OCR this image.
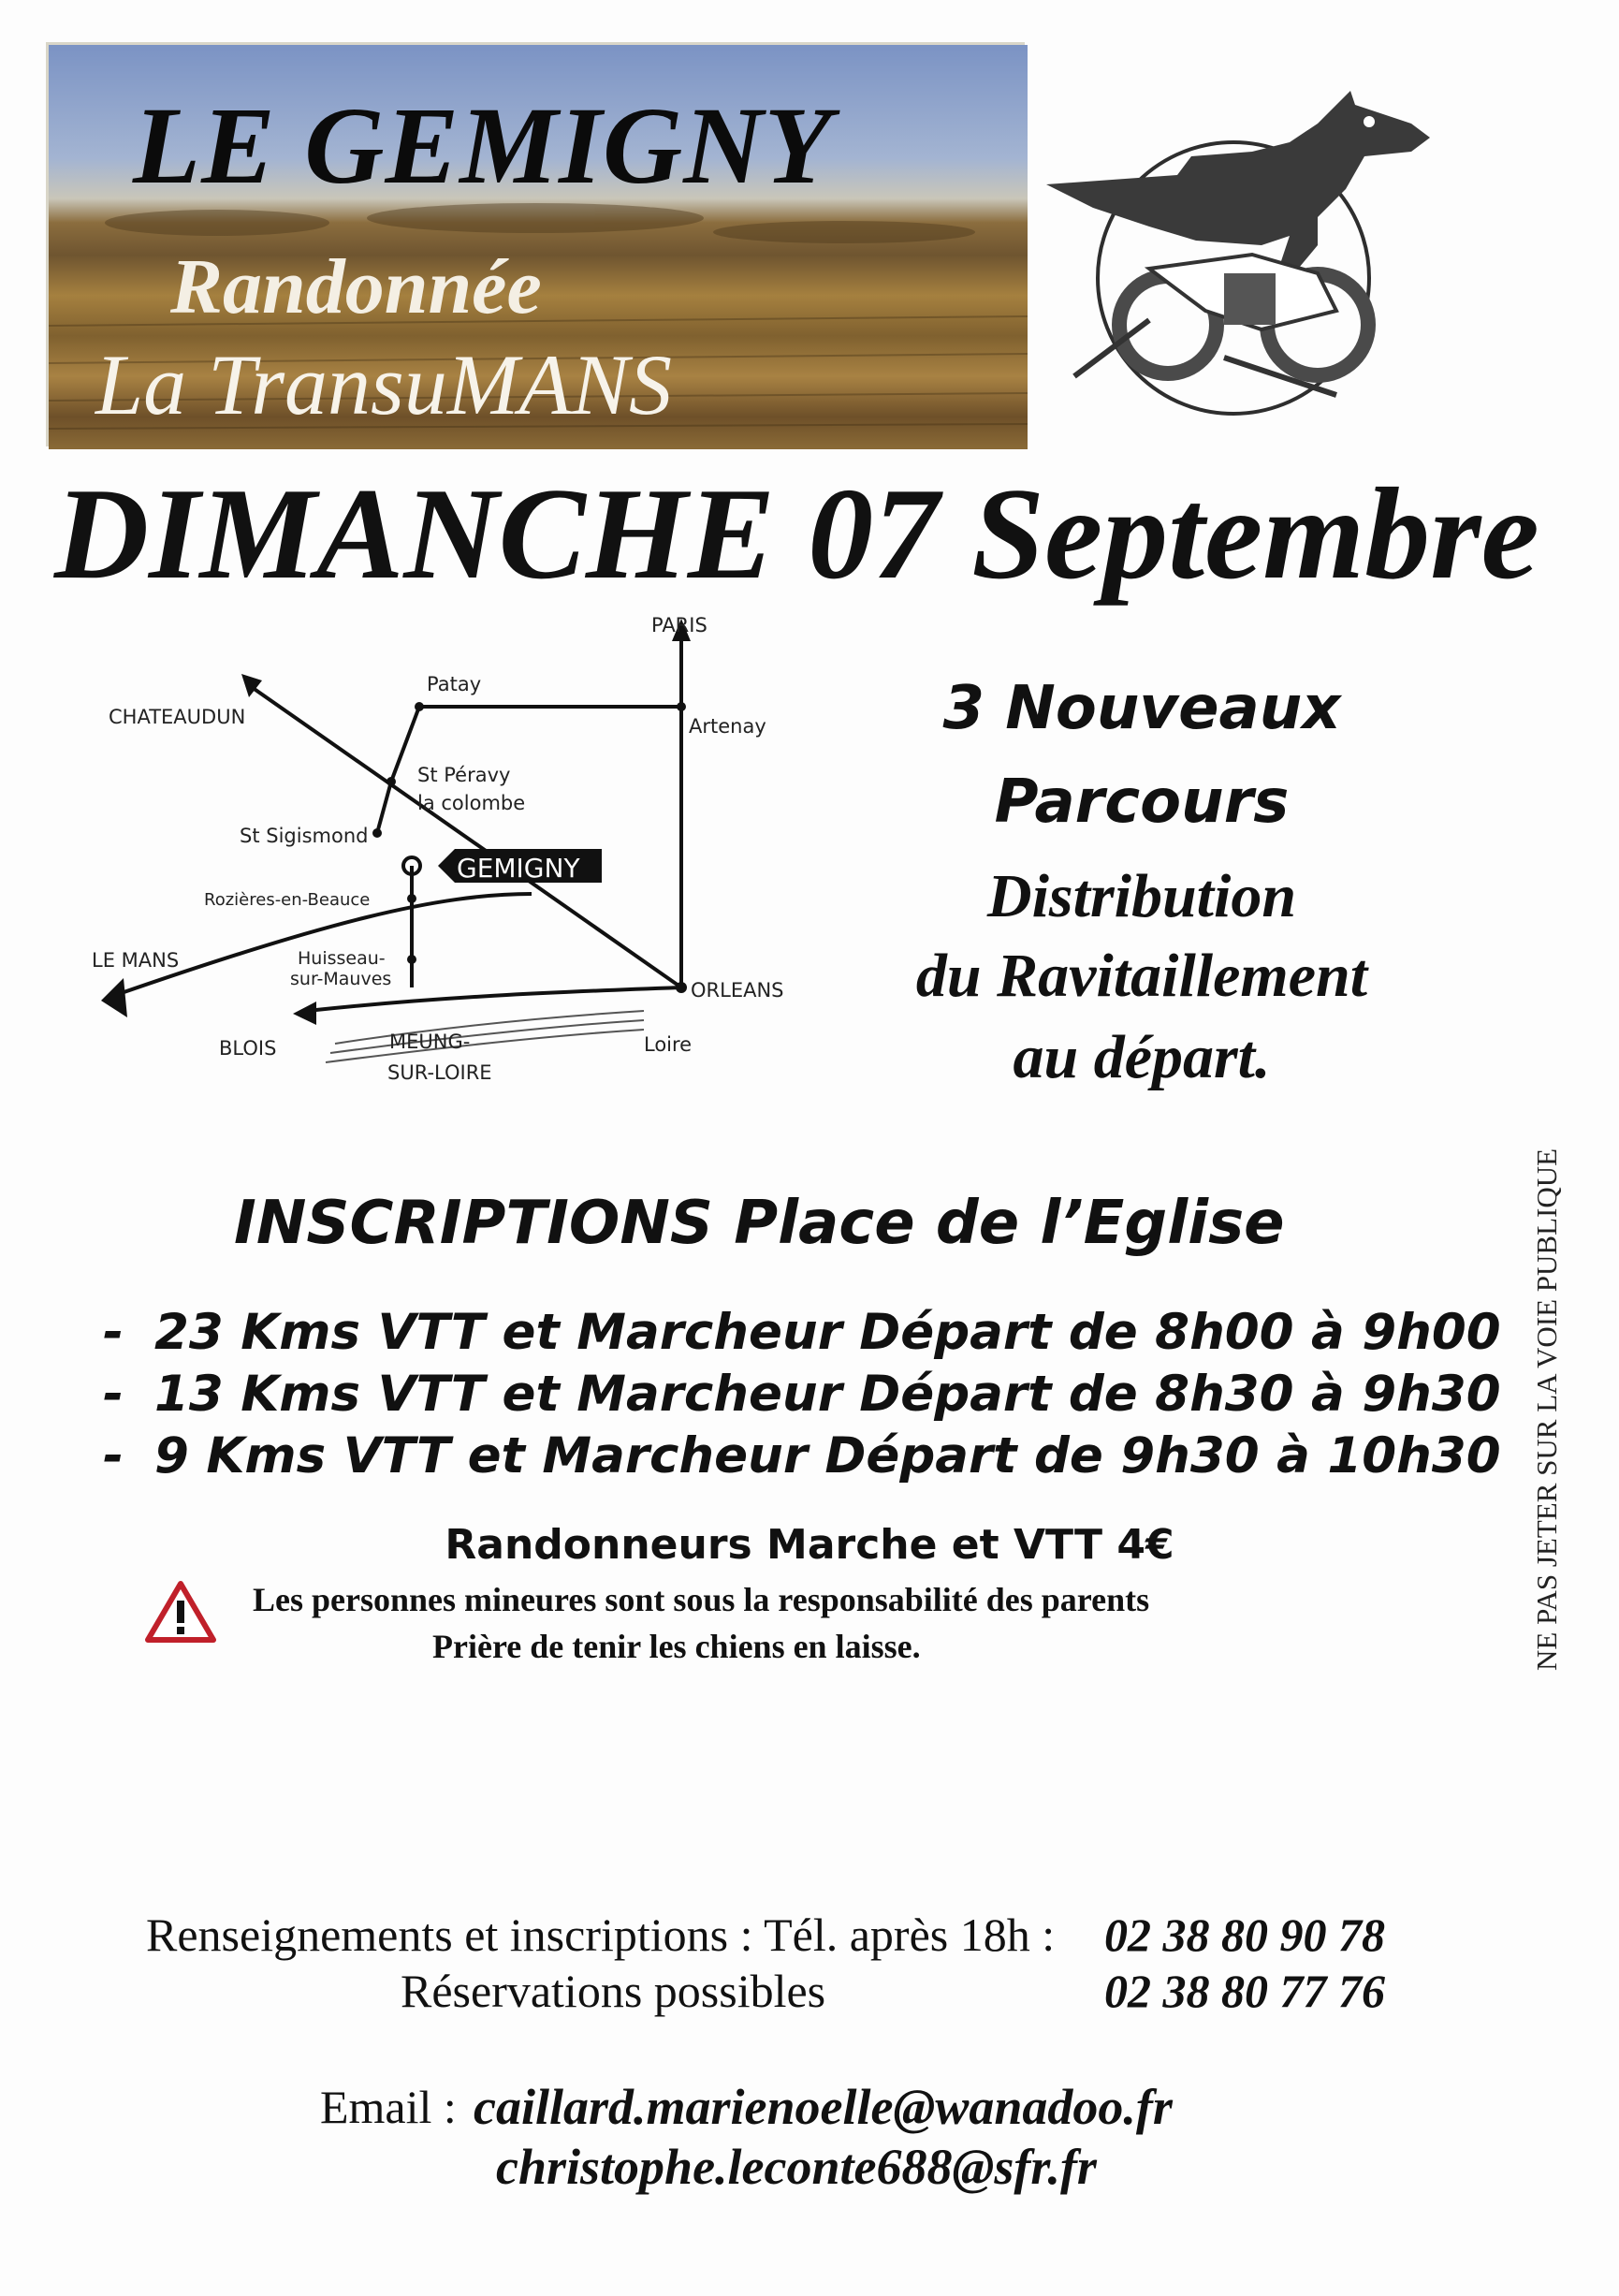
LE GEMIGNY
Randonnée
La TransuMANS
DIMANCHE 07 Septembre
GEMIGNY
PARIS
Patay
Artenay
CHATEAUDUN
St Péravy
la colombe
St Sigismond
Rozières-en-Beauce
LE MANS	Huisseau-
sur-Mauves	ORLEANS
BLOIS	MEUNG-
SUR-LOIRE
Loire
3 Nouveaux
Parcours
Distribution
du Ravitaillement
au départ.
NE PAS JETER SUR LA VOIE PUBLIQUE
INSCRIPTIONS Place de l’Eglise
- 23 Kms VTT et Marcheur Départ de 8h00 à 9h00
- 13 Kms VTT et Marcheur Départ de 8h30 à 9h30
- 9 Kms VTT et Marcheur Départ de 9h30 à 10h30
Randonneurs Marche et VTT 4€
Les personnes mineures sont sous la responsabilité des parents
Prière de tenir les chiens en laisse.
Renseignements et inscriptions : Tél. après 18h : 02 38 80 90 78
Réservations possibles	02 38 80 77 76
Email : caillard.marienoelle@wanadoo.fr
christophe.leconte688@sfr.fr
